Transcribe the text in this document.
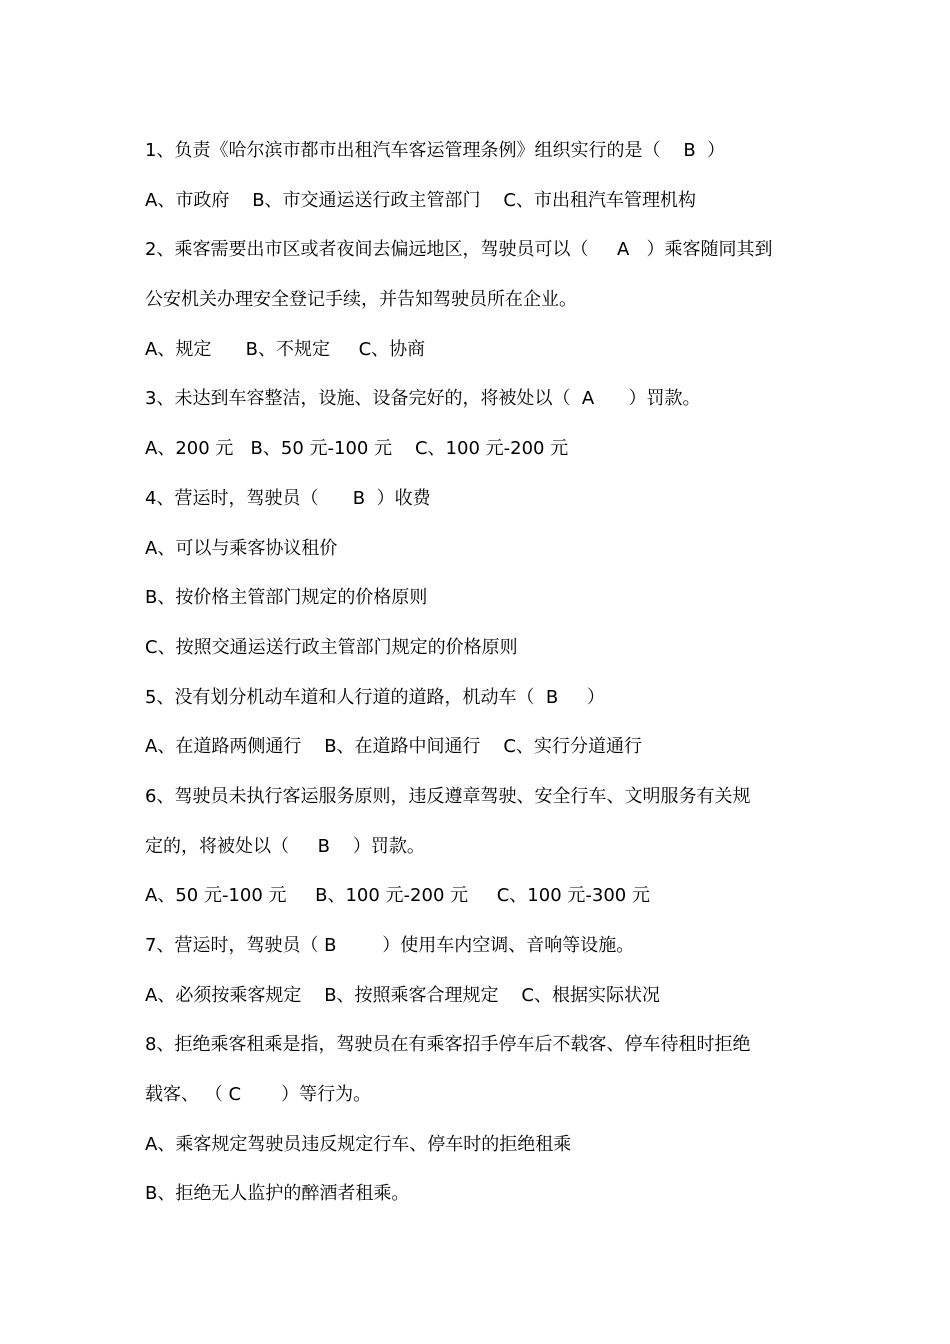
1、负责《哈尔滨市都市出租汽车客运管理条例》组织实行的是（    B  ）
A、市政府    B、市交通运送行政主管部门    C、市出租汽车管理机构
2、乘客需要出市区或者夜间去偏远地区，驾驶员可以（     A   ）乘客随同其到
公安机关办理安全登记手续，并告知驾驶员所在企业。
A、规定      B、不规定     C、协商
3、未达到车容整洁，设施、设备完好的，将被处以（  A      ）罚款。
A、200 元   B、50 元-100 元    C、100 元-200 元
4、营运时，驾驶员（      B  ）收费
A、可以与乘客协议租价
B、按价格主管部门规定的价格原则
C、按照交通运送行政主管部门规定的价格原则
5、没有划分机动车道和人行道的道路，机动车（  B     ）
A、在道路两侧通行    B、在道路中间通行    C、实行分道通行
6、驾驶员未执行客运服务原则，违反遵章驾驶、安全行车、文明服务有关规
定的，将被处以（     B    ）罚款。
A、50 元-100 元     B、100 元-200 元     C、100 元-300 元
7、营运时，驾驶员（ B        ）使用车内空调、音响等设施。
A、必须按乘客规定    B、按照乘客合理规定    C、根据实际状况
8、拒绝乘客租乘是指，驾驶员在有乘客招手停车后不载客、停车待租时拒绝
载客、 （ C       ）等行为。
A、乘客规定驾驶员违反规定行车、停车时的拒绝租乘
B、拒绝无人监护的醉酒者租乘。
